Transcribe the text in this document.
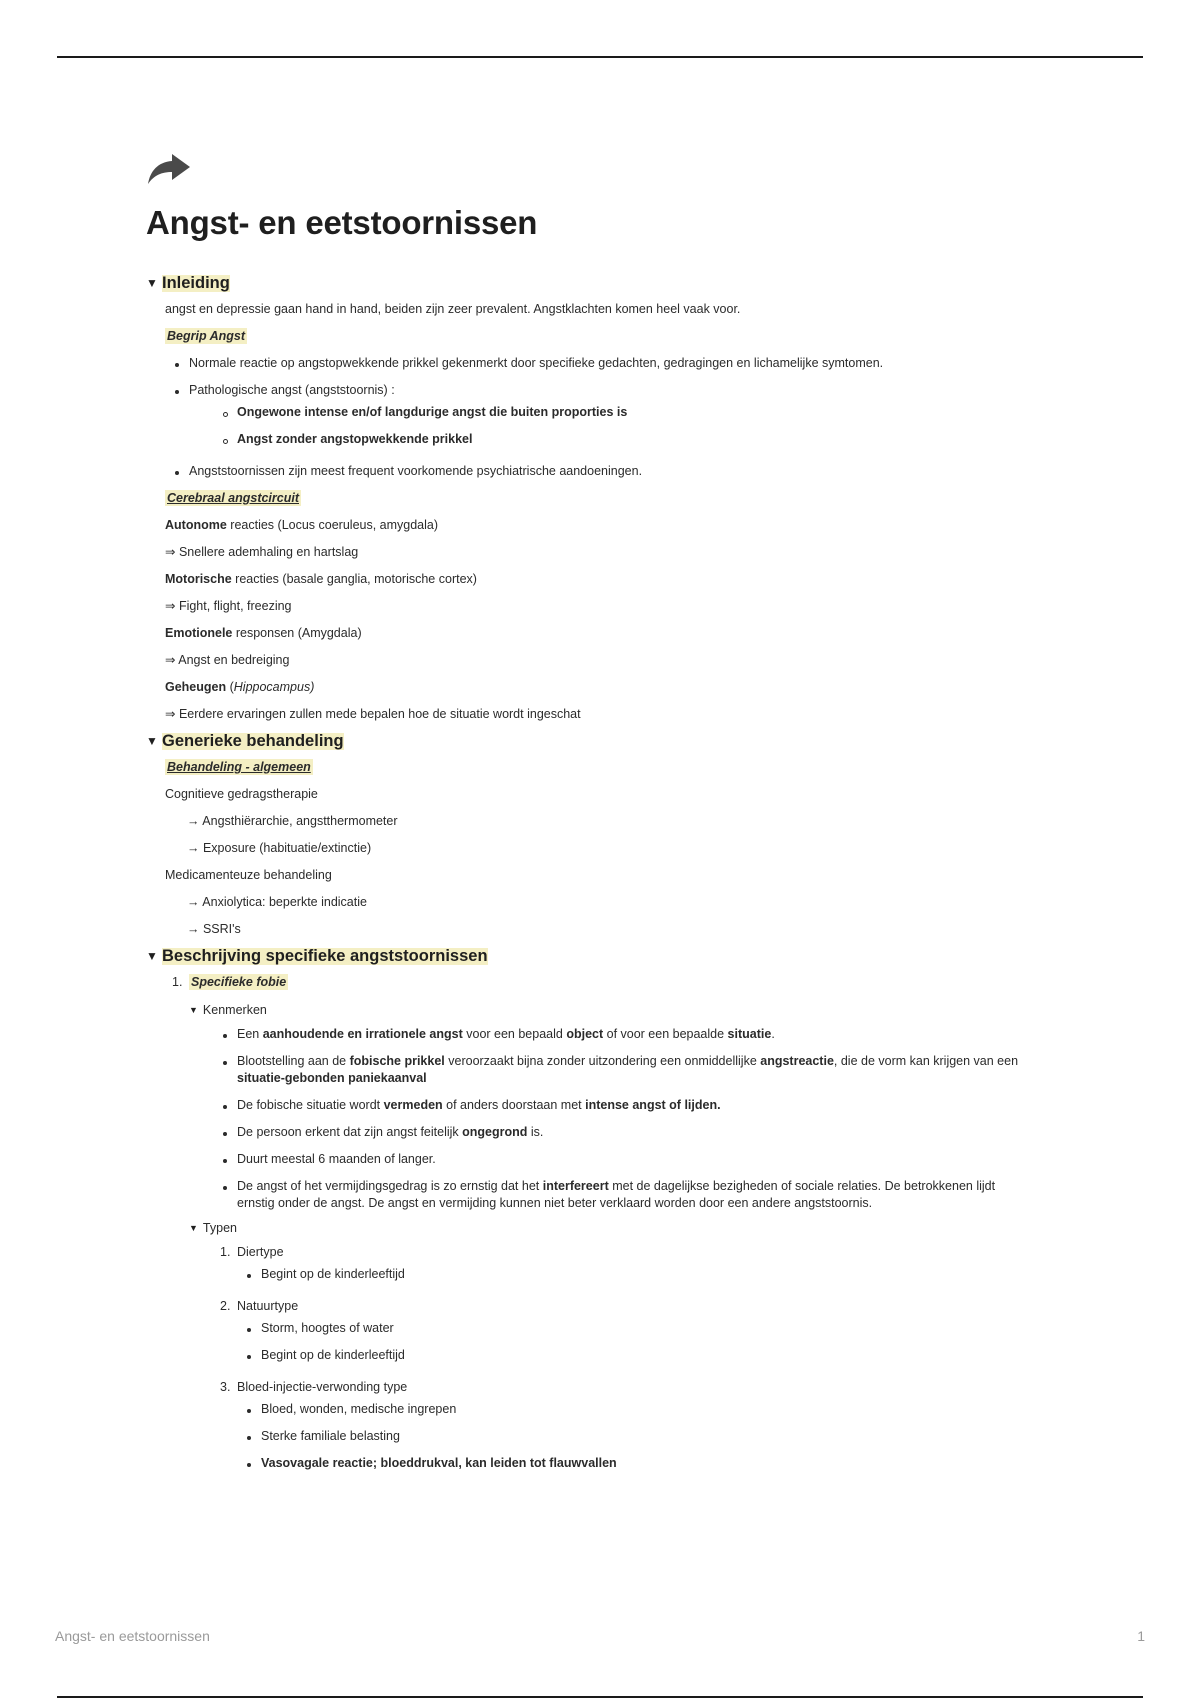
Angst- en eetstoornissen
▼ Inleiding

angst en depressie gaan hand in hand, beiden zijn zeer prevalent. Angstklachten komen heel vaak voor.

Begrip Angst

Normale reactie op angstopwekkende prikkel gekenmerkt door specifieke gedachten, gedragingen en lichamelijke symtomen.
Pathologische angst (angststoornis) :
Ongewone intense en/of langdurige angst die buiten proporties is
Angst zonder angstopwekkende prikkel
Angststoornissen zijn meest frequent voorkomende psychiatrische aandoeningen.

Cerebraal angstcircuit

Autonome reacties (Locus coeruleus, amygdala)

⇒ Snellere ademhaling en hartslag

Motorische reacties (basale ganglia, motorische cortex)

⇒ Fight, flight, freezing

Emotionele responsen (Amygdala)

⇒ Angst en bedreiging

Geheugen (Hippocampus)

⇒ Eerdere ervaringen zullen mede bepalen hoe de situatie wordt ingeschat

▼ Generieke behandeling

Behandeling - algemeen

Cognitieve gedragstherapie

→ Angsthiërarchie, angstthermometer

→ Exposure (habituatie/extinctie)

Medicamenteuze behandeling

→ Anxiolytica: beperkte indicatie

→ SSRI's

▼ Beschrijving specifieke angststoornissen
1. Specifieke fobie
▼ Kenmerken
Een aanhoudende en irrationele angst voor een bepaald object of voor een bepaalde situatie.
Blootstelling aan de fobische prikkel veroorzaakt bijna zonder uitzondering een onmiddellijke angstreactie, die de vorm kan krijgen van een situatie-gebonden paniekaanval
De fobische situatie wordt vermeden of anders doorstaan met intense angst of lijden.
De persoon erkent dat zijn angst feitelijk ongegrond is.
Duurt meestal 6 maanden of langer.
De angst of het vermijdingsgedrag is zo ernstig dat het interfereert met de dagelijkse bezigheden of sociale relaties. De betrokkenen lijdt ernstig onder de angst. De angst en vermijding kunnen niet beter verklaard worden door een andere angststoornis.
▼ Typen
1. Diertype
Begint op de kinderleeftijd
2. Natuurtype
Storm, hoogtes of water
Begint op de kinderleeftijd
3. Bloed-injectie-verwonding type
Bloed, wonden, medische ingrepen
Sterke familiale belasting
Vasovagale reactie; bloeddrukval, kan leiden tot flauwvallen
Angst- en eetstoornissen	1
